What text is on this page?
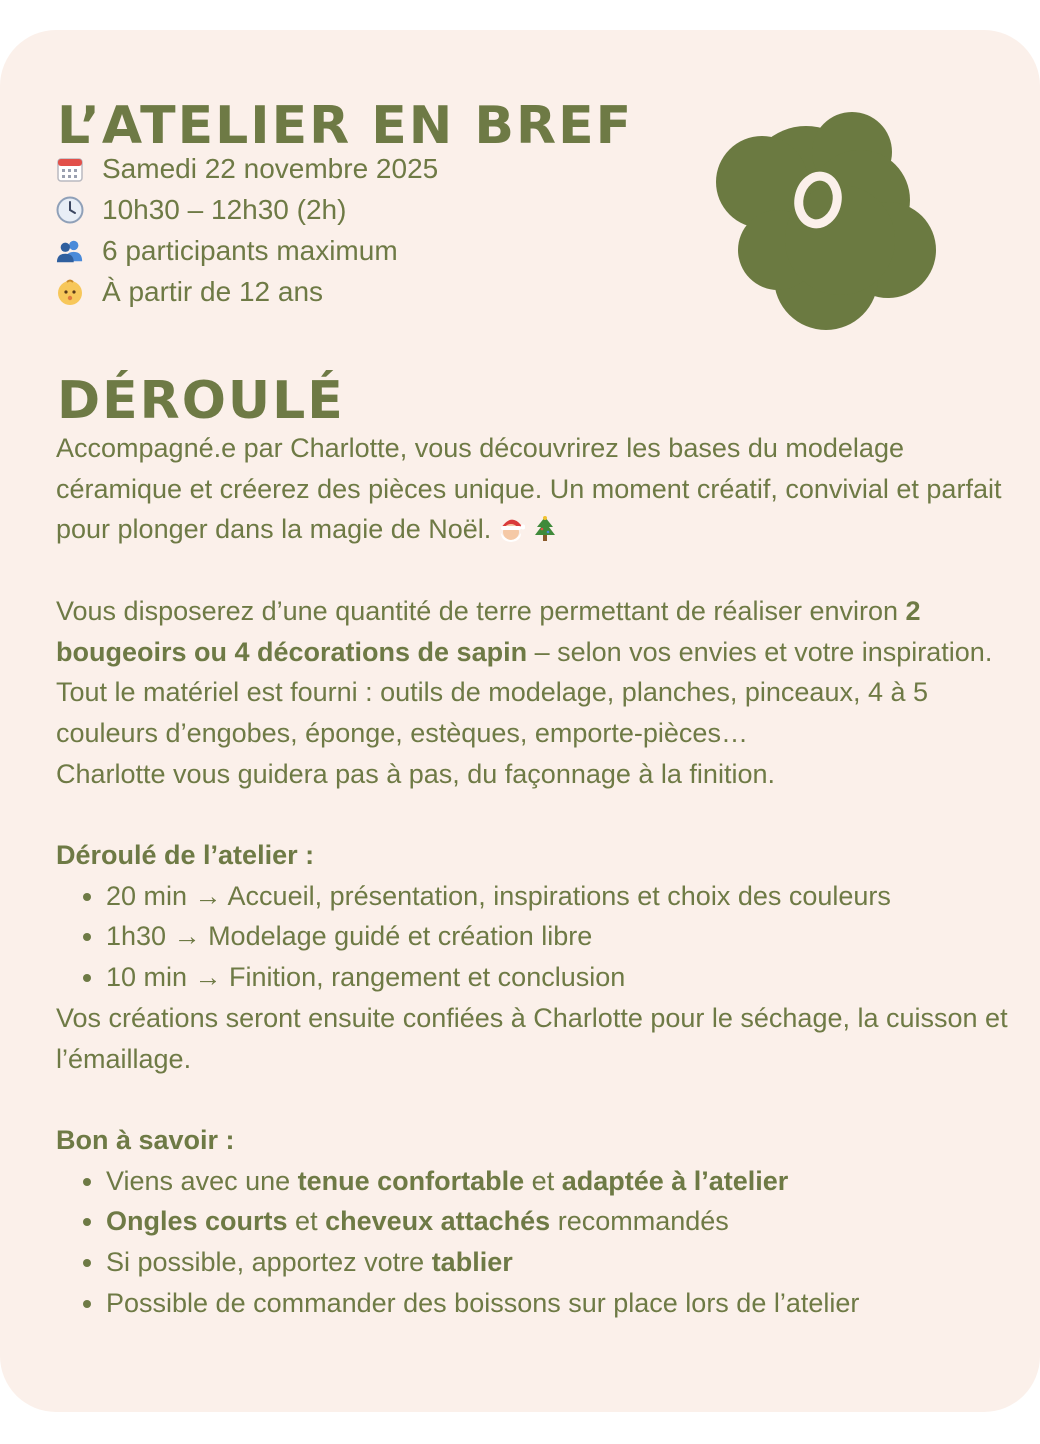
L’ATELIER EN BREF
Samedi 22 novembre 2025
10h30 – 12h30 (2h)
6 participants maximum
À partir de 12 ans
DÉROULÉ

Accompagné.e par Charlotte, vous découvrirez les bases du modelage céramique et créerez des pièces unique. Un moment créatif, convivial et parfait pour plonger dans la magie de Noël.

Vous disposerez d’une quantité de terre permettant de réaliser environ 2 bougeoirs ou 4 décorations de sapin – selon vos envies et votre inspiration.

Tout le matériel est fourni : outils de modelage, planches, pinceaux, 4 à 5 couleurs d’engobes, éponge, estèques, emporte-pièces…

Charlotte vous guidera pas à pas, du façonnage à la finition.

Déroulé de l’atelier :

• 20 min → Accueil, présentation, inspirations et choix des couleurs
• 1h30 → Modelage guidé et création libre
• 10 min → Finition, rangement et conclusion

Vos créations seront ensuite confiées à Charlotte pour le séchage, la cuisson et l’émaillage.

Bon à savoir :

• Viens avec une tenue confortable et adaptée à l’atelier
• Ongles courts et cheveux attachés recommandés
• Si possible, apportez votre tablier
• Possible de commander des boissons sur place lors de l’atelier
